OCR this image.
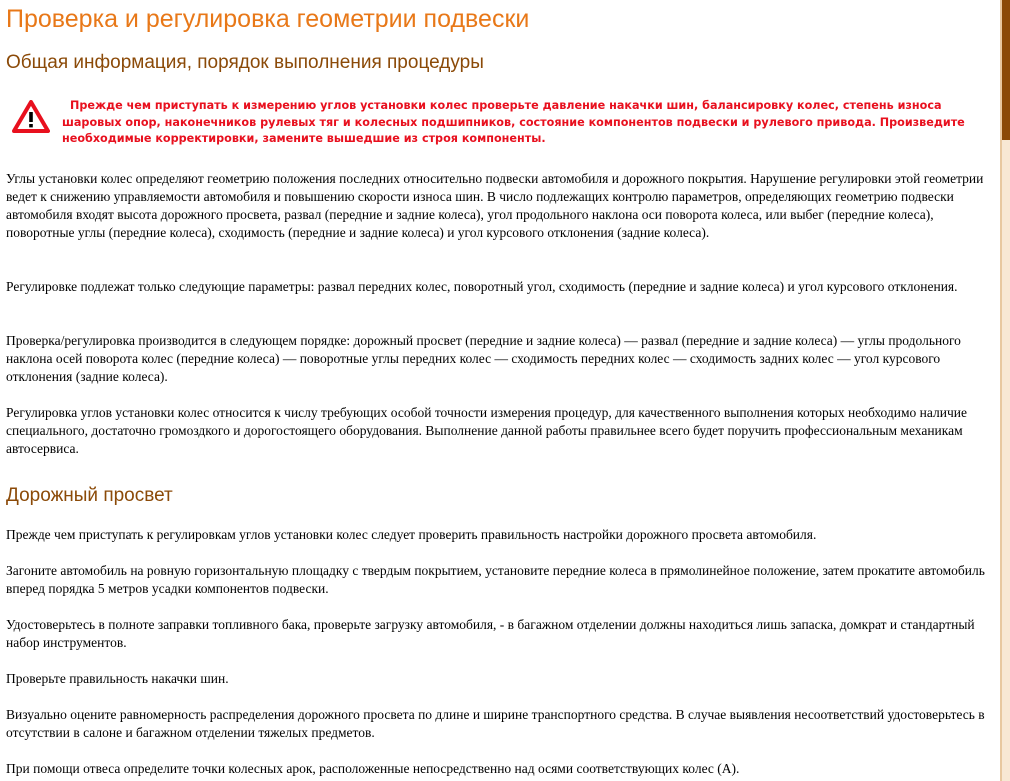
Проверка и регулировка геометрии подвески
Общая информация, порядок выполнения процедуры
Прежде чем приступать к измерению углов установки колес проверьте давление накачки шин, балансировку колес, степень износа шаровых опор, наконечников рулевых тяг и колесных подшипников, состояние компонентов подвески и рулевого привода. Произведите необходимые корректировки, замените вышедшие из строя компоненты.

Углы установки колес определяют геометрию положения последних относительно подвески автомобиля и дорожного покрытия. Нарушение регулировки этой геометрии ведет к снижению управляемости автомобиля и повышению скорости износа шин. В число подлежащих контролю параметров, определяющих геометрию подвески автомобиля входят высота дорожного просвета, развал (передние и задние колеса), угол продольного наклона оси поворота колеса, или выбег (передние колеса), поворотные углы (передние колеса), сходимость (передние и задние колеса) и угол курсового отклонения (задние колеса).

Регулировке подлежат только следующие параметры: развал передних колес, поворотный угол, сходимость (передние и задние колеса) и угол курсового отклонения.

Проверка/регулировка производится в следующем порядке: дорожный просвет (передние и задние колеса) — развал (передние и задние колеса) — углы продольного наклона осей поворота колес (передние колеса) — поворотные углы передних колес — сходимость передних колес — сходимость задних колес — угол курсового отклонения (задние колеса).

Регулировка углов установки колес относится к числу требующих особой точности измерения процедур, для качественного выполнения которых необходимо наличие специального, достаточно громоздкого и дорогостоящего оборудования. Выполнение данной работы правильнее всего будет поручить профессиональным механикам автосервиса.

Дорожный просвет

Прежде чем приступать к регулировкам углов установки колес следует проверить правильность настройки дорожного просвета автомобиля.

Загоните автомобиль на ровную горизонтальную площадку с твердым покрытием, установите передние колеса в прямолинейное положение, затем прокатите автомобиль вперед порядка 5 метров усадки компонентов подвески.

Удостоверьтесь в полноте заправки топливного бака, проверьте загрузку автомобиля, - в багажном отделении должны находиться лишь запаска, домкрат и стандартный набор инструментов.

Проверьте правильность накачки шин.

Визуально оцените равномерность распределения дорожного просвета по длине и ширине транспортного средства. В случае выявления несоответствий удостоверьтесь в отсутствии в салоне и багажном отделении тяжелых предметов.

При помощи отвеса определите точки колесных арок, расположенные непосредственно над осями соответствующих колес (А).
